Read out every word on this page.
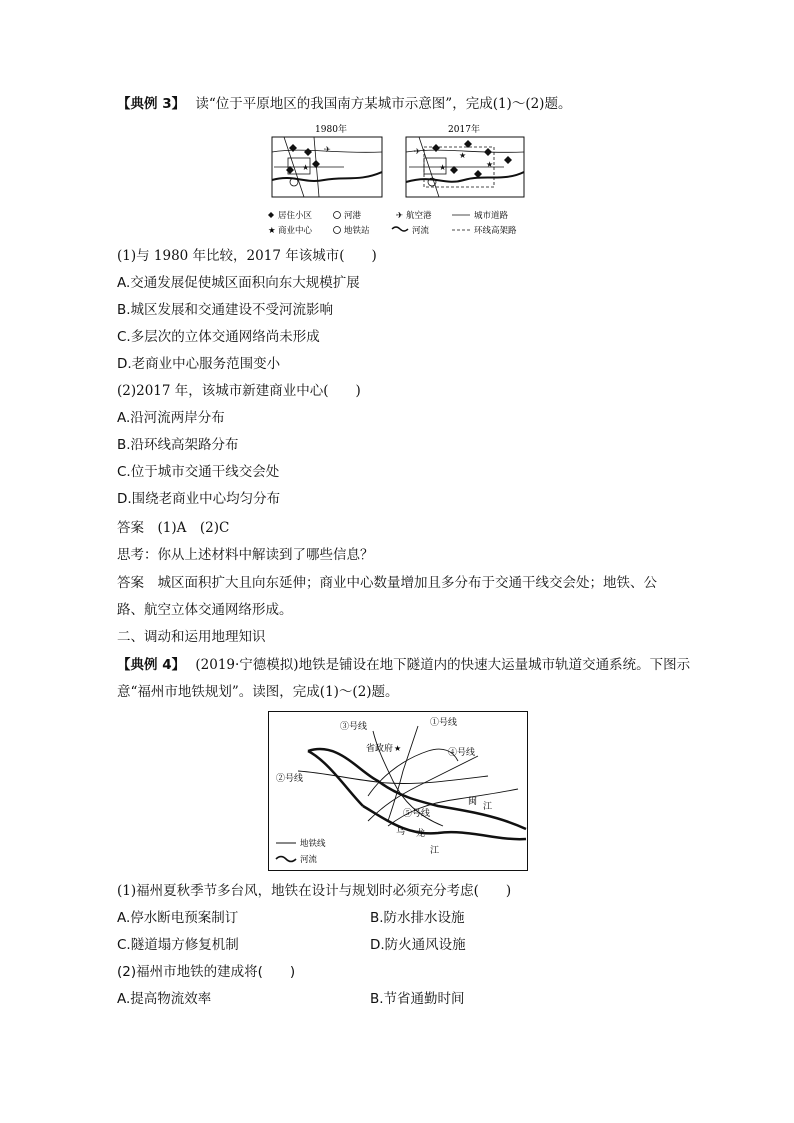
【典例 3】 读“位于平原地区的我国南方某城市示意图”，完成(1)～(2)题。
1980年	2017年
★
✈
★	★
★
✈
居住小区	河港	✈ 航空港	城市道路
★ 商业中心	地铁站	河流	环线高架路
(1)与 1980 年比较，2017 年该城市(　　)
A.交通发展促使城区面积向东大规模扩展
B.城区发展和交通建设不受河流影响
C.多层次的立体交通网络尚未形成
D.老商业中心服务范围变小
(2)2017 年，该城市新建商业中心(　　)
A.沿河流两岸分布
B.沿环线高架路分布
C.位于城市交通干线交会处
D.围绕老商业中心均匀分布
答案　(1)A　(2)C
思考：你从上述材料中解读到了哪些信息？
答案　城区面积扩大且向东延伸；商业中心数量增加且多分布于交通干线交会处；地铁、公
路、航空立体交通网络形成。
二、调动和运用地理知识
【典例 4】 (2019·宁德模拟)地铁是铺设在地下隧道内的快速大运量城市轨道交通系统。下图示
意“福州市地铁规划”。读图，完成(1)～(2)题。
③号线	①号线
省政府 ★	④号线
②号线
⑤号线
闽 江
乌 龙
江
地铁线
河流
(1)福州夏秋季节多台风，地铁在设计与规划时必须充分考虑(　　)
A.停水断电预案制订	B.防水排水设施
C.隧道塌方修复机制	D.防火通风设施
(2)福州市地铁的建成将(　　)
A.提高物流效率	B.节省通勤时间
